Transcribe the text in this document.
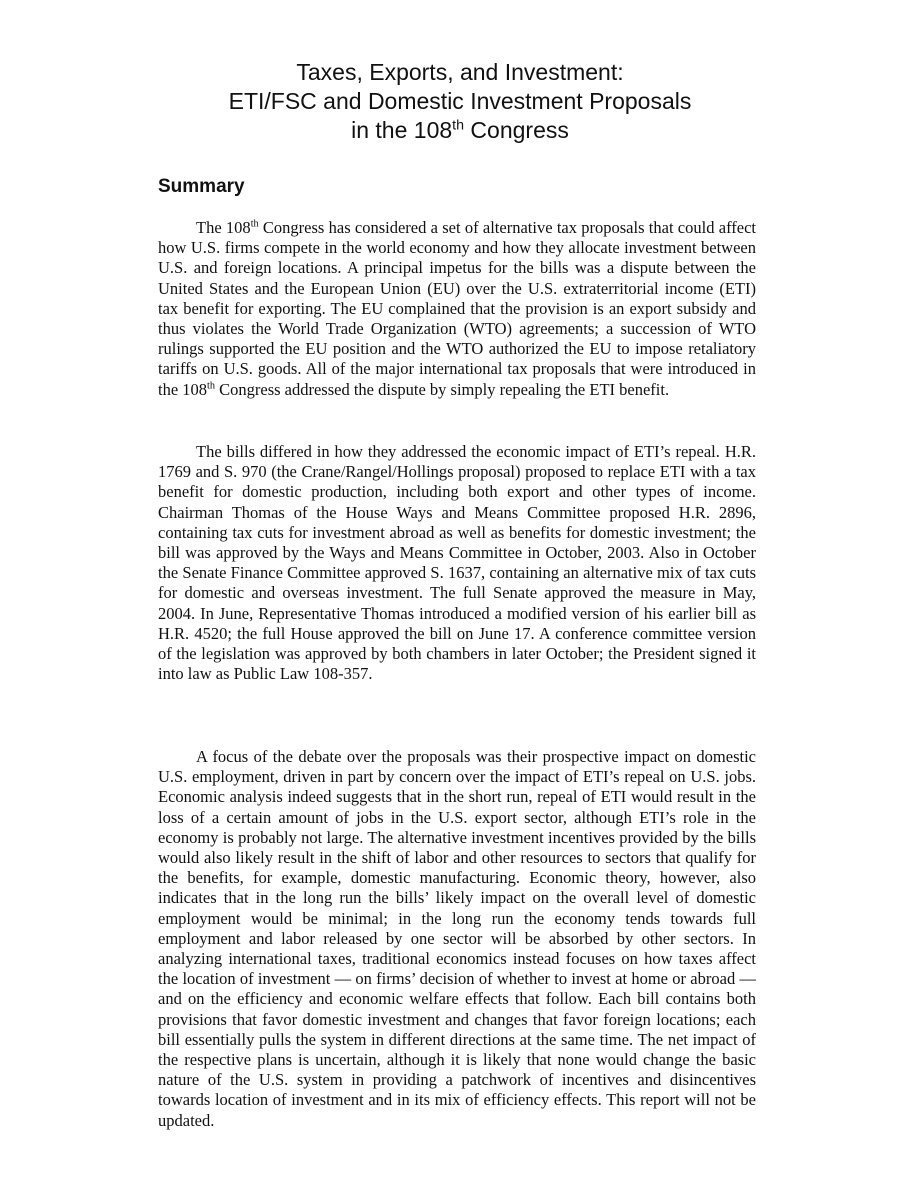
Taxes, Exports, and Investment:
ETI/FSC and Domestic Investment Proposals
in the 108th Congress
Summary

The 108th Congress has considered a set of alternative tax proposals that could affect how U.S. firms compete in the world economy and how they allocate investment between U.S. and foreign locations. A principal impetus for the bills was a dispute between the United States and the European Union (EU) over the U.S. extraterritorial income (ETI) tax benefit for exporting. The EU complained that the provision is an export subsidy and thus violates the World Trade Organization (WTO) agreements; a succession of WTO rulings supported the EU position and the WTO authorized the EU to impose retaliatory tariffs on U.S. goods. All of the major international tax proposals that were introduced in the 108th Congress addressed the dispute by simply repealing the ETI benefit.

The bills differed in how they addressed the economic impact of ETI’s repeal. H.R. 1769 and S. 970 (the Crane/Rangel/Hollings proposal) proposed to replace ETI with a tax benefit for domestic production, including both export and other types of income. Chairman Thomas of the House Ways and Means Committee proposed H.R. 2896, containing tax cuts for investment abroad as well as benefits for domestic investment; the bill was approved by the Ways and Means Committee in October, 2003. Also in October the Senate Finance Committee approved S. 1637, containing an alternative mix of tax cuts for domestic and overseas investment. The full Senate approved the measure in May, 2004. In June, Representative Thomas introduced a modified version of his earlier bill as H.R. 4520; the full House approved the bill on June 17. A conference committee version of the legislation was approved by both chambers in later October; the President signed it into law as Public Law 108-357.

A focus of the debate over the proposals was their prospective impact on domestic U.S. employment, driven in part by concern over the impact of ETI’s repeal on U.S. jobs. Economic analysis indeed suggests that in the short run, repeal of ETI would result in the loss of a certain amount of jobs in the U.S. export sector, although ETI’s role in the economy is probably not large. The alternative investment incentives provided by the bills would also likely result in the shift of labor and other resources to sectors that qualify for the benefits, for example, domestic manufacturing. Economic theory, however, also indicates that in the long run the bills’ likely impact on the overall level of domestic employment would be minimal; in the long run the economy tends towards full employment and labor released by one sector will be absorbed by other sectors. In analyzing international taxes, traditional economics instead focuses on how taxes affect the location of investment — on firms’ decision of whether to invest at home or abroad — and on the efficiency and economic welfare effects that follow. Each bill contains both provisions that favor domestic investment and changes that favor foreign locations; each bill essentially pulls the system in different directions at the same time. The net impact of the respective plans is uncertain, although it is likely that none would change the basic nature of the U.S. system in providing a patchwork of incentives and disincentives towards location of investment and in its mix of efficiency effects. This report will not be updated.
